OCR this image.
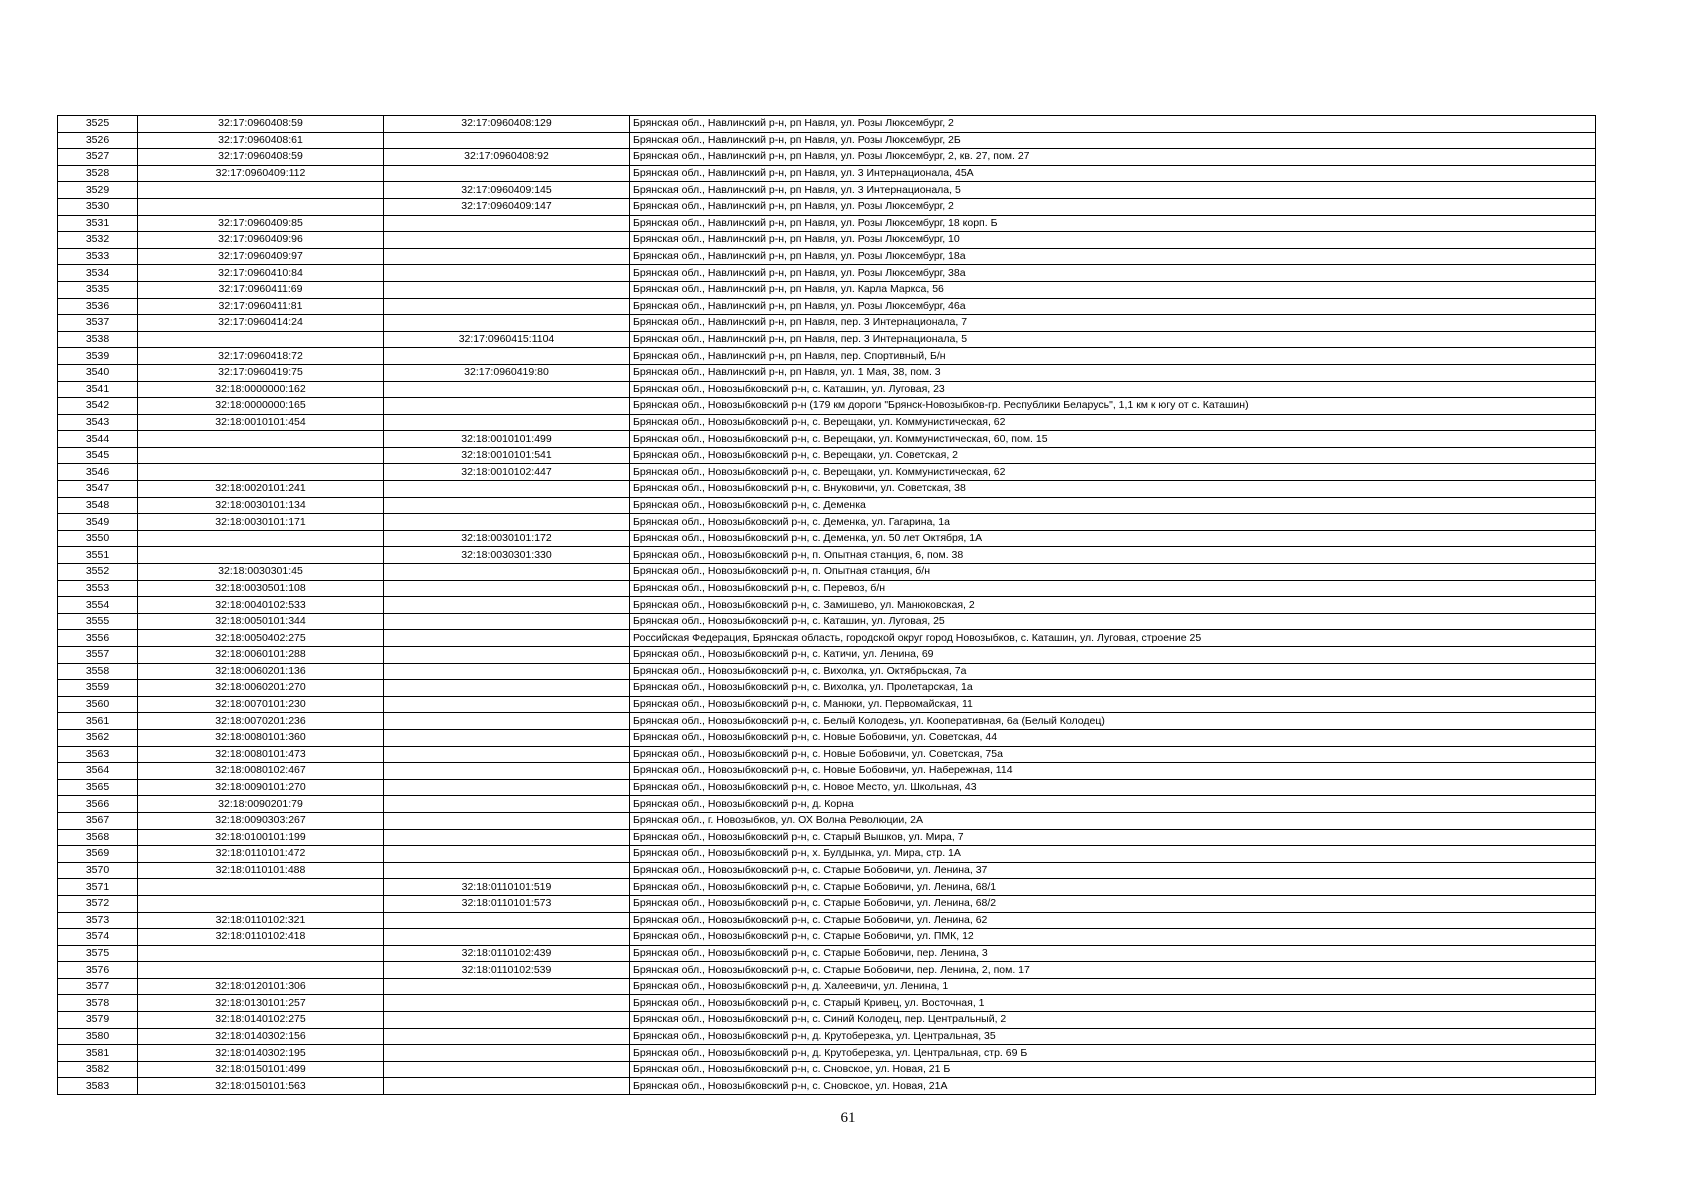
3525	32:17:0960408:59	32:17:0960408:129	Брянская обл., Навлинский р-н, рп Навля, ул. Розы Люксембург, 2
3526	32:17:0960408:61		Брянская обл., Навлинский р-н, рп Навля, ул. Розы Люксембург, 2Б
3527	32:17:0960408:59	32:17:0960408:92	Брянская обл., Навлинский р-н, рп Навля, ул. Розы Люксембург, 2, кв. 27, пом. 27
3528	32:17:0960409:112		Брянская обл., Навлинский р-н, рп Навля, ул. 3 Интернационала, 45А
3529		32:17:0960409:145	Брянская обл., Навлинский р-н, рп Навля, ул. 3 Интернационала, 5
3530		32:17:0960409:147	Брянская обл., Навлинский р-н, рп Навля, ул. Розы Люксембург, 2
3531	32:17:0960409:85		Брянская обл., Навлинский р-н, рп Навля, ул. Розы Люксембург, 18 корп. Б
3532	32:17:0960409:96		Брянская обл., Навлинский р-н, рп Навля, ул. Розы Люксембург, 10
3533	32:17:0960409:97		Брянская обл., Навлинский р-н, рп Навля, ул. Розы Люксембург, 18а
3534	32:17:0960410:84		Брянская обл., Навлинский р-н, рп Навля, ул. Розы Люксембург, 38а
3535	32:17:0960411:69		Брянская обл., Навлинский р-н, рп Навля, ул. Карла Маркса, 56
3536	32:17:0960411:81		Брянская обл., Навлинский р-н, рп Навля, ул. Розы Люксембург, 46а
3537	32:17:0960414:24		Брянская обл., Навлинский р-н, рп Навля, пер. 3 Интернационала, 7
3538		32:17:0960415:1104	Брянская обл., Навлинский р-н, рп Навля, пер. 3 Интернационала, 5
3539	32:17:0960418:72		Брянская обл., Навлинский р-н, рп Навля, пер. Спортивный, Б/н
3540	32:17:0960419:75	32:17:0960419:80	Брянская обл., Навлинский р-н, рп Навля, ул. 1 Мая, 38, пом. 3
3541	32:18:0000000:162		Брянская обл., Новозыбковский р-н, с. Каташин, ул. Луговая, 23
3542	32:18:0000000:165		Брянская обл., Новозыбковский р-н (179 км дороги "Брянск-Новозыбков-гр. Республики Беларусь", 1,1 км к югу от с. Каташин)
3543	32:18:0010101:454		Брянская обл., Новозыбковский р-н, с. Верещаки, ул. Коммунистическая, 62
3544		32:18:0010101:499	Брянская обл., Новозыбковский р-н, с. Верещаки, ул. Коммунистическая, 60, пом. 15
3545		32:18:0010101:541	Брянская обл., Новозыбковский р-н, с. Верещаки, ул. Советская, 2
3546		32:18:0010102:447	Брянская обл., Новозыбковский р-н, с. Верещаки, ул. Коммунистическая, 62
3547	32:18:0020101:241		Брянская обл., Новозыбковский р-н, с. Внуковичи, ул. Советская, 38
3548	32:18:0030101:134		Брянская обл., Новозыбковский р-н, с. Деменка
3549	32:18:0030101:171		Брянская обл., Новозыбковский р-н, с. Деменка, ул. Гагарина, 1а
3550		32:18:0030101:172	Брянская обл., Новозыбковский р-н, с. Деменка, ул. 50 лет Октября, 1А
3551		32:18:0030301:330	Брянская обл., Новозыбковский р-н, п. Опытная станция, 6, пом. 38
3552	32:18:0030301:45		Брянская обл., Новозыбковский р-н, п. Опытная станция, б/н
3553	32:18:0030501:108		Брянская обл., Новозыбковский р-н, с. Перевоз, б/н
3554	32:18:0040102:533		Брянская обл., Новозыбковский р-н, с. Замишево, ул. Манюковская, 2
3555	32:18:0050101:344		Брянская обл., Новозыбковский р-н, с. Каташин, ул. Луговая, 25
3556	32:18:0050402:275		Российская Федерация, Брянская область, городской округ город Новозыбков, с. Каташин, ул. Луговая, строение 25
3557	32:18:0060101:288		Брянская обл., Новозыбковский р-н, с. Катичи, ул. Ленина, 69
3558	32:18:0060201:136		Брянская обл., Новозыбковский р-н, с. Вихолка, ул. Октябрьская, 7а
3559	32:18:0060201:270		Брянская обл., Новозыбковский р-н, с. Вихолка, ул. Пролетарская, 1а
3560	32:18:0070101:230		Брянская обл., Новозыбковский р-н, с. Манюки, ул. Первомайская, 11
3561	32:18:0070201:236		Брянская обл., Новозыбковский р-н, с. Белый Колодезь, ул. Кооперативная, 6а (Белый Колодец)
3562	32:18:0080101:360		Брянская обл., Новозыбковский р-н, с. Новые Бобовичи, ул. Советская, 44
3563	32:18:0080101:473		Брянская обл., Новозыбковский р-н, с. Новые Бобовичи, ул. Советская, 75а
3564	32:18:0080102:467		Брянская обл., Новозыбковский р-н, с. Новые Бобовичи, ул. Набережная, 114
3565	32:18:0090101:270		Брянская обл., Новозыбковский р-н, с. Новое Место, ул. Школьная, 43
3566	32:18:0090201:79		Брянская обл., Новозыбковский р-н, д. Корна
3567	32:18:0090303:267		Брянская обл., г. Новозыбков, ул. ОХ Волна Революции, 2А
3568	32:18:0100101:199		Брянская обл., Новозыбковский р-н, с. Старый Вышков, ул. Мира, 7
3569	32:18:0110101:472		Брянская обл., Новозыбковский р-н, х. Булдынка, ул. Мира, стр. 1А
3570	32:18:0110101:488		Брянская обл., Новозыбковский р-н, с. Старые Бобовичи, ул. Ленина, 37
3571		32:18:0110101:519	Брянская обл., Новозыбковский р-н, с. Старые Бобовичи, ул. Ленина, 68/1
3572		32:18:0110101:573	Брянская обл., Новозыбковский р-н, с. Старые Бобовичи, ул. Ленина, 68/2
3573	32:18:0110102:321		Брянская обл., Новозыбковский р-н, с. Старые Бобовичи, ул. Ленина, 62
3574	32:18:0110102:418		Брянская обл., Новозыбковский р-н, с. Старые Бобовичи, ул. ПМК, 12
3575		32:18:0110102:439	Брянская обл., Новозыбковский р-н, с. Старые Бобовичи, пер. Ленина, 3
3576		32:18:0110102:539	Брянская обл., Новозыбковский р-н, с. Старые Бобовичи, пер. Ленина, 2, пом. 17
3577	32:18:0120101:306		Брянская обл., Новозыбковский р-н, д. Халеевичи, ул. Ленина, 1
3578	32:18:0130101:257		Брянская обл., Новозыбковский р-н, с. Старый Кривец, ул. Восточная, 1
3579	32:18:0140102:275		Брянская обл., Новозыбковский р-н, с. Синий Колодец, пер. Центральный, 2
3580	32:18:0140302:156		Брянская обл., Новозыбковский р-н, д. Крутоберезка, ул. Центральная, 35
3581	32:18:0140302:195		Брянская обл., Новозыбковский р-н, д. Крутоберезка, ул. Центральная, стр. 69 Б
3582	32:18:0150101:499		Брянская обл., Новозыбковский р-н, с. Сновское, ул. Новая, 21 Б
3583	32:18:0150101:563		Брянская обл., Новозыбковский р-н, с. Сновское, ул. Новая, 21А
61
